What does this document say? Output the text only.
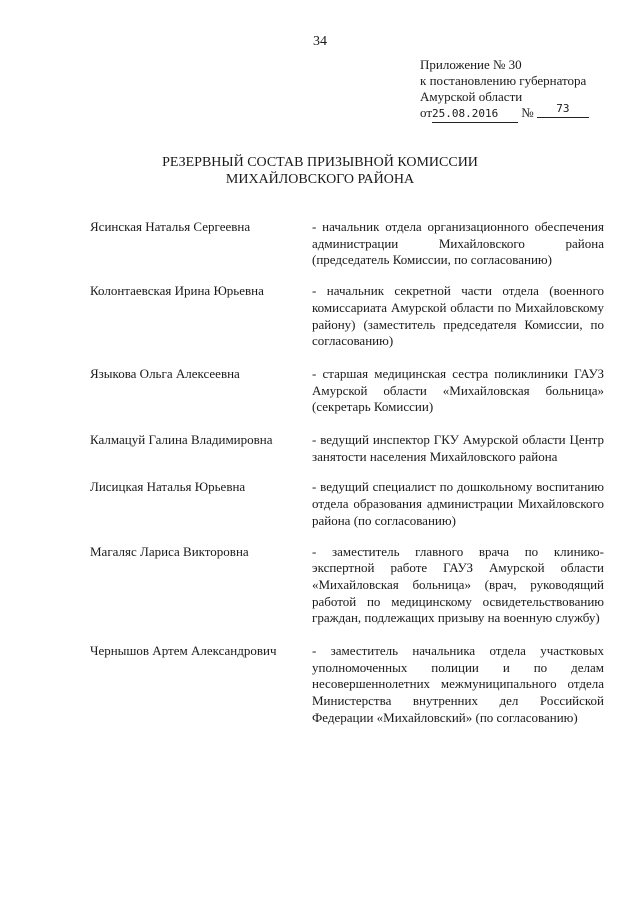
34
Приложение № 30
к постановлению губернатора
Амурской области
от25.08.2016 № 73
РЕЗЕРВНЫЙ СОСТАВ ПРИЗЫВНОЙ КОМИССИИ
МИХАЙЛОВСКОГО РАЙОНА
Ясинская Наталья Сергеевна	- начальник отдела организационного обеспечения администрации Михайловского района (председатель Комиссии, по согласованию)
Колонтаевская Ирина Юрьевна	- начальник секретной части отдела (военного комиссариата Амурской области по Михайловскому району) (заместитель председателя Комиссии, по согласованию)
Языкова Ольга Алексеевна	- старшая медицинская сестра поликлиники ГАУЗ Амурской области «Михайловская больница» (секретарь Комиссии)
Калмацуй Галина Владимировна	- ведущий инспектор ГКУ Амурской области Центр занятости населения Михайловского района
Лисицкая Наталья Юрьевна	- ведущий специалист по дошкольному воспитанию отдела образования администрации Михайловского района (по согласованию)
Магаляс Лариса Викторовна	- заместитель главного врача по клинико-экспертной работе ГАУЗ Амурской области «Михайловская больница» (врач, руководящий работой по медицинскому освидетельствованию граждан, подлежащих призыву на военную службу)
Чернышов Артем Александрович	- заместитель начальника отдела участковых уполномоченных полиции и по делам несовершеннолетних межмуниципального отдела Министерства внутренних дел Российской Федерации «Михайловский» (по согласованию)
